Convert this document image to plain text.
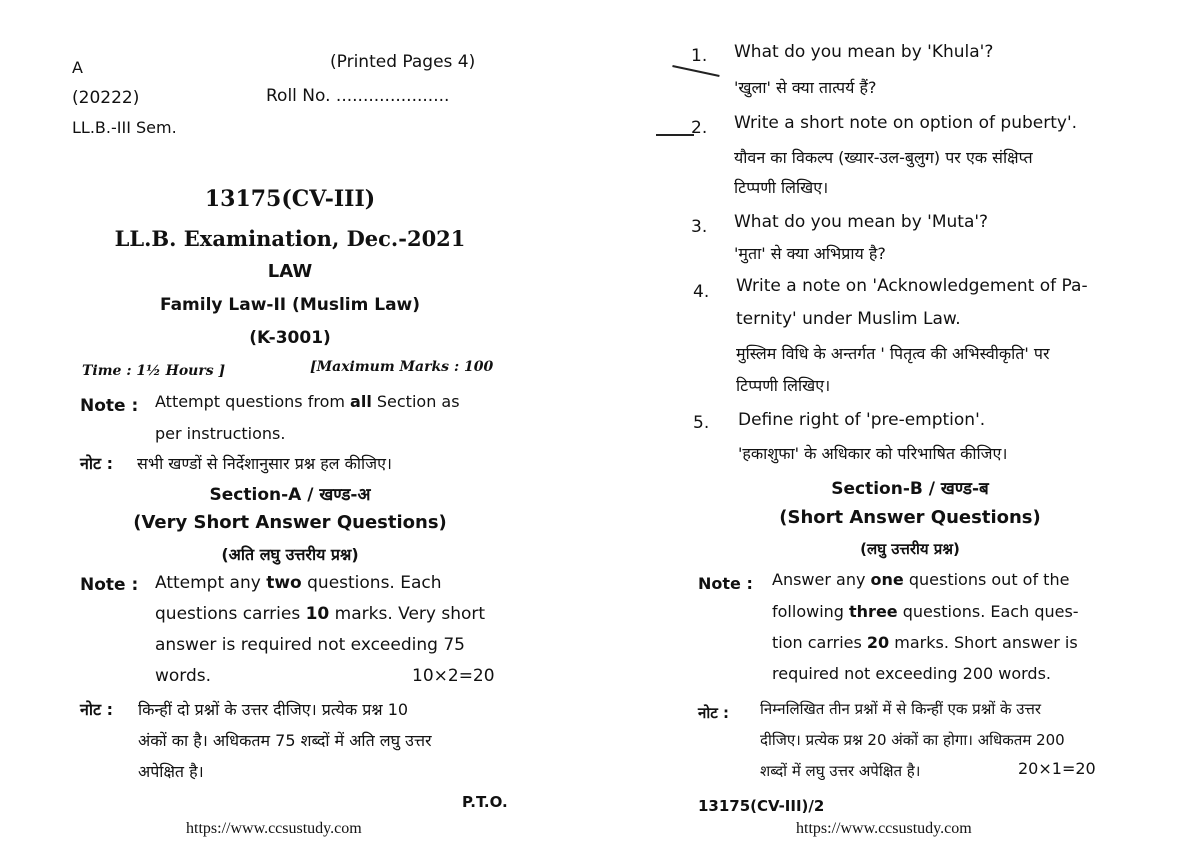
A	(Printed Pages 4)
(20222)	Roll No. .....................
LL.B.-III Sem.
13175(CV-III)
LL.B. Examination, Dec.-2021
LAW
Family Law-II (Muslim Law)
(K-3001)
Time : 1½ Hours ]	[Maximum Marks : 100
Note : Attempt questions from all Section as
per instructions.
नोट : सभी खण्डों से निर्देशानुसार प्रश्न हल कीजिए।
Section-A / खण्ड-अ
(Very Short Answer Questions)
(अति लघु उत्तरीय प्रश्न)
Note : Attempt any two questions. Each
questions carries 10 marks. Very short
answer is required not exceeding 75
words.	10×2=20
नोट : किन्हीं दो प्रश्नों के उत्तर दीजिए। प्रत्येक प्रश्न 10
अंकों का है। अधिकतम 75 शब्दों में अति लघु उत्तर
अपेक्षित है।
P.T.O.
https://www.ccsustudy.com
1. What do you mean by 'Khula'?
'खुला' से क्या तात्पर्य हैं?
2. Write a short note on option of puberty'.
यौवन का विकल्प (ख्यार-उल-बुलुग) पर एक संक्षिप्त
टिप्पणी लिखिए।
3. What do you mean by 'Muta'?
'मुता' से क्या अभिप्राय है?
4. Write a note on 'Acknowledgement of Pa-
ternity' under Muslim Law.
मुस्लिम विधि के अन्तर्गत ' पितृत्व की अभिस्वीकृति' पर
टिप्पणी लिखिए।
5. Define right of 'pre-emption'.
'हकाशुफा' के अधिकार को परिभाषित कीजिए।
Section-B / खण्ड-ब
(Short Answer Questions)
(लघु उत्तरीय प्रश्न)
Note : Answer any one questions out of the
following three questions. Each ques-
tion carries 20 marks. Short answer is
required not exceeding 200 words.
नोट : निम्नलिखित तीन प्रश्नों में से किन्हीं एक प्रश्नों के उत्तर
दीजिए। प्रत्येक प्रश्न 20 अंकों का होगा। अधिकतम 200
शब्दों में लघु उत्तर अपेक्षित है।	20×1=20
13175(CV-III)/2
https://www.ccsustudy.com
